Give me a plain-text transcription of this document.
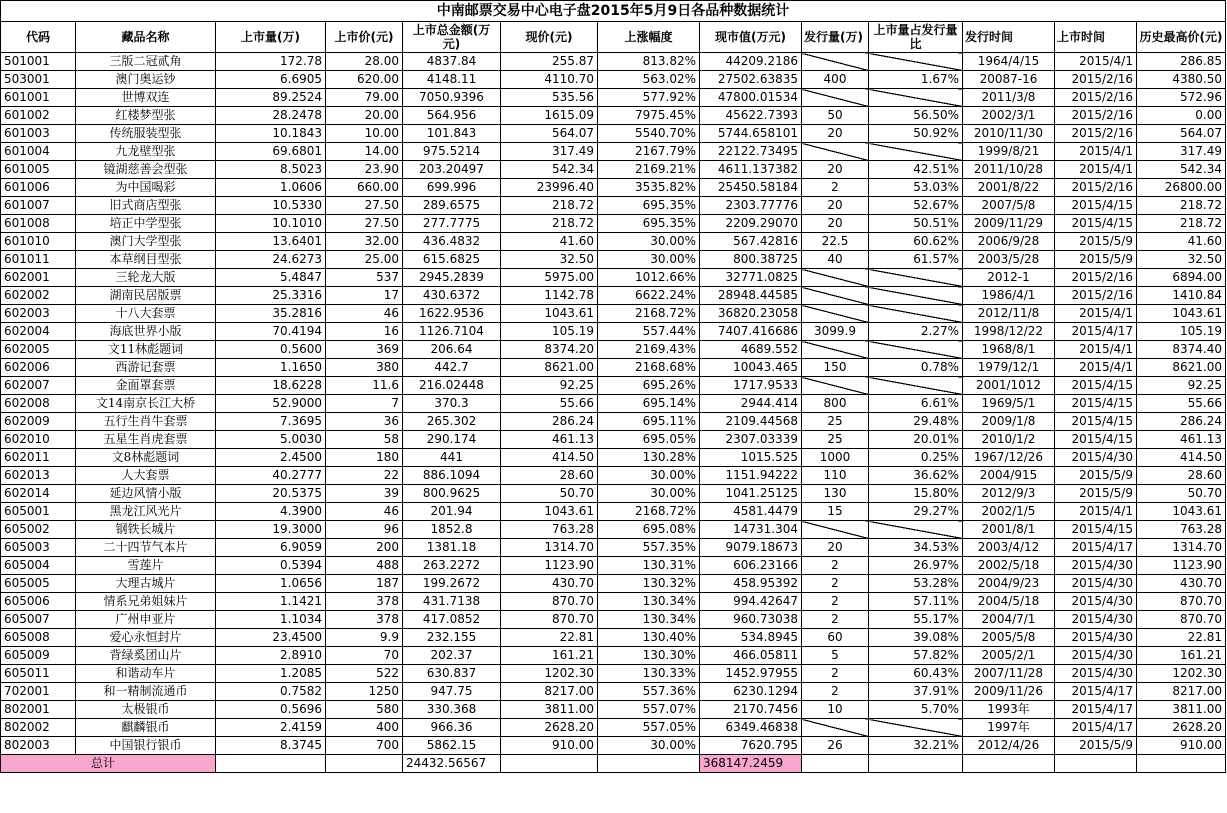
中南邮票交易中心电子盘2015年5月9日各品种数据统计
代码	藏品名称	上市量(万)	上市价(元)	上市总金额(万元)	现价(元)	上涨幅度	现市值(万元)	发行量(万)	上市量占发行量比	发行时间	上市时间	历史最高价(元)
501001	三版二冠贰角	172.78	28.00	4837.84	255.87	813.82%	44209.2186			1964/4/15	2015/4/1	286.85
503001	澳门奥运钞	6.6905	620.00	4148.11	4110.70	563.02%	27502.63835	400	1.67%	20087-16	2015/2/16	4380.50
601001	世博双连	89.2524	79.00	7050.9396	535.56	577.92%	47800.01534			2011/3/8	2015/2/16	572.96
601002	红楼梦型张	28.2478	20.00	564.956	1615.09	7975.45%	45622.7393	50	56.50%	2002/3/1	2015/2/16	0.00
601003	传统服装型张	10.1843	10.00	101.843	564.07	5540.70%	5744.658101	20	50.92%	2010/11/30	2015/2/16	564.07
601004	九龙壁型张	69.6801	14.00	975.5214	317.49	2167.79%	22122.73495			1999/8/21	2015/4/1	317.49
601005	镜湖慈善会型张	8.5023	23.90	203.20497	542.34	2169.21%	4611.137382	20	42.51%	2011/10/28	2015/4/1	542.34
601006	为中国喝彩	1.0606	660.00	699.996	23996.40	3535.82%	25450.58184	2	53.03%	2001/8/22	2015/2/16	26800.00
601007	旧式商店型张	10.5330	27.50	289.6575	218.72	695.35%	2303.77776	20	52.67%	2007/5/8	2015/4/15	218.72
601008	培正中学型张	10.1010	27.50	277.7775	218.72	695.35%	2209.29070	20	50.51%	2009/11/29	2015/4/15	218.72
601010	澳门大学型张	13.6401	32.00	436.4832	41.60	30.00%	567.42816	22.5	60.62%	2006/9/28	2015/5/9	41.60
601011	本草纲目型张	24.6273	25.00	615.6825	32.50	30.00%	800.38725	40	61.57%	2003/5/28	2015/5/9	32.50
602001	三轮龙大版	5.4847	537	2945.2839	5975.00	1012.66%	32771.0825			2012-1	2015/2/16	6894.00
602002	湖南民居版票	25.3316	17	430.6372	1142.78	6622.24%	28948.44585			1986/4/1	2015/2/16	1410.84
602003	十八大套票	35.2816	46	1622.9536	1043.61	2168.72%	36820.23058			2012/11/8	2015/4/1	1043.61
602004	海底世界小版	70.4194	16	1126.7104	105.19	557.44%	7407.416686	3099.9	2.27%	1998/12/22	2015/4/17	105.19
602005	文11林彪题词	0.5600	369	206.64	8374.20	2169.43%	4689.552			1968/8/1	2015/4/1	8374.40
602006	西游记套票	1.1650	380	442.7	8621.00	2168.68%	10043.465	150	0.78%	1979/12/1	2015/4/1	8621.00
602007	金面罩套票	18.6228	11.6	216.02448	92.25	695.26%	1717.9533			2001/1012	2015/4/15	92.25
602008	文14南京长江大桥	52.9000	7	370.3	55.66	695.14%	2944.414	800	6.61%	1969/5/1	2015/4/15	55.66
602009	五行生肖牛套票	7.3695	36	265.302	286.24	695.11%	2109.44568	25	29.48%	2009/1/8	2015/4/15	286.24
602010	五星生肖虎套票	5.0030	58	290.174	461.13	695.05%	2307.03339	25	20.01%	2010/1/2	2015/4/15	461.13
602011	文8林彪题词	2.4500	180	441	414.50	130.28%	1015.525	1000	0.25%	1967/12/26	2015/4/30	414.50
602013	人大套票	40.2777	22	886.1094	28.60	30.00%	1151.94222	110	36.62%	2004/915	2015/5/9	28.60
602014	延边风情小版	20.5375	39	800.9625	50.70	30.00%	1041.25125	130	15.80%	2012/9/3	2015/5/9	50.70
605001	黑龙江风光片	4.3900	46	201.94	1043.61	2168.72%	4581.4479	15	29.27%	2002/1/5	2015/4/1	1043.61
605002	钢铁长城片	19.3000	96	1852.8	763.28	695.08%	14731.304			2001/8/1	2015/4/15	763.28
605003	二十四节气本片	6.9059	200	1381.18	1314.70	557.35%	9079.18673	20	34.53%	2003/4/12	2015/4/17	1314.70
605004	雪莲片	0.5394	488	263.2272	1123.90	130.31%	606.23166	2	26.97%	2002/5/18	2015/4/30	1123.90
605005	大理古城片	1.0656	187	199.2672	430.70	130.32%	458.95392	2	53.28%	2004/9/23	2015/4/30	430.70
605006	情系兄弟姐妹片	1.1421	378	431.7138	870.70	130.34%	994.42647	2	57.11%	2004/5/18	2015/4/30	870.70
605007	广州申亚片	1.1034	378	417.0852	870.70	130.34%	960.73038	2	55.17%	2004/7/1	2015/4/30	870.70
605008	爱心永恒封片	23.4500	9.9	232.155	22.81	130.40%	534.8945	60	39.08%	2005/5/8	2015/4/30	22.81
605009	背绿奚团山片	2.8910	70	202.37	161.21	130.30%	466.05811	5	57.82%	2005/2/1	2015/4/30	161.21
605011	和谐动车片	1.2085	522	630.837	1202.30	130.33%	1452.97955	2	60.43%	2007/11/28	2015/4/30	1202.30
702001	和一精制流通币	0.7582	1250	947.75	8217.00	557.36%	6230.1294	2	37.91%	2009/11/26	2015/4/17	8217.00
802001	太极银币	0.5696	580	330.368	3811.00	557.07%	2170.7456	10	5.70%	1993年	2015/4/17	3811.00
802002	麒麟银币	2.4159	400	966.36	2628.20	557.05%	6349.46838			1997年	2015/4/17	2628.20
802003	中国银行银币	8.3745	700	5862.15	910.00	30.00%	7620.795	26	32.21%	2012/4/26	2015/5/9	910.00
总计				24432.56567			368147.2459					
